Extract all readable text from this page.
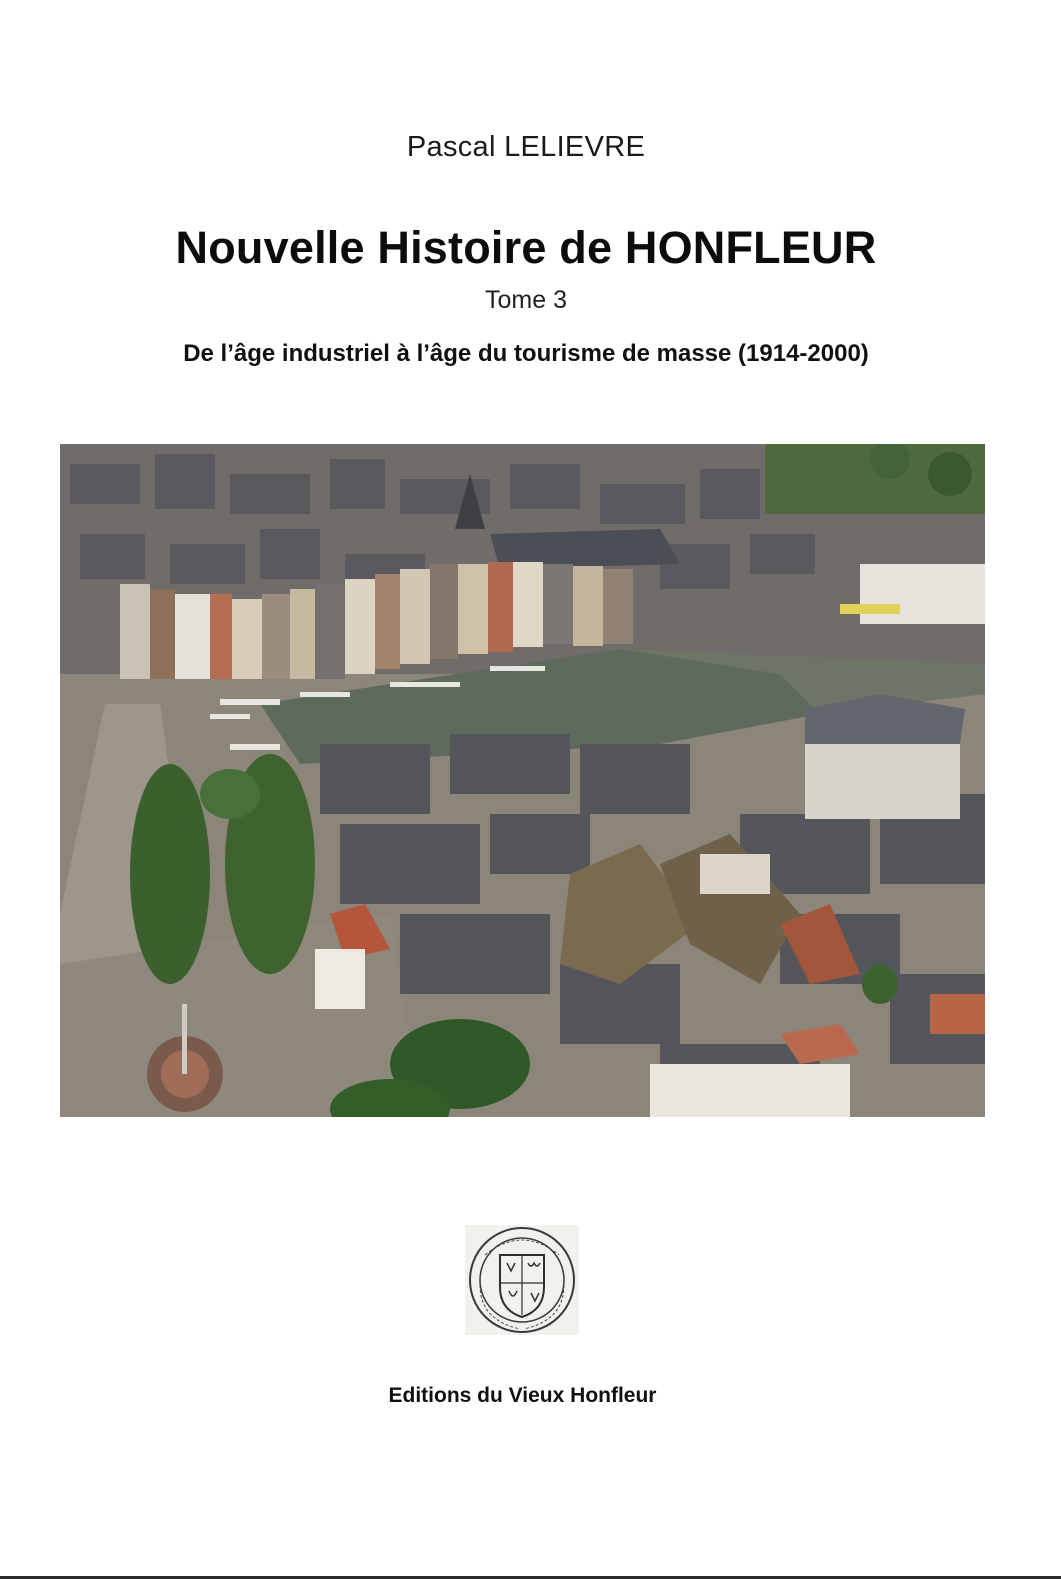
Pascal LELIEVRE
Nouvelle Histoire de HONFLEUR
Tome 3
De l’âge industriel à l’âge du tourisme de masse (1914-2000)
Editions du Vieux Honfleur
